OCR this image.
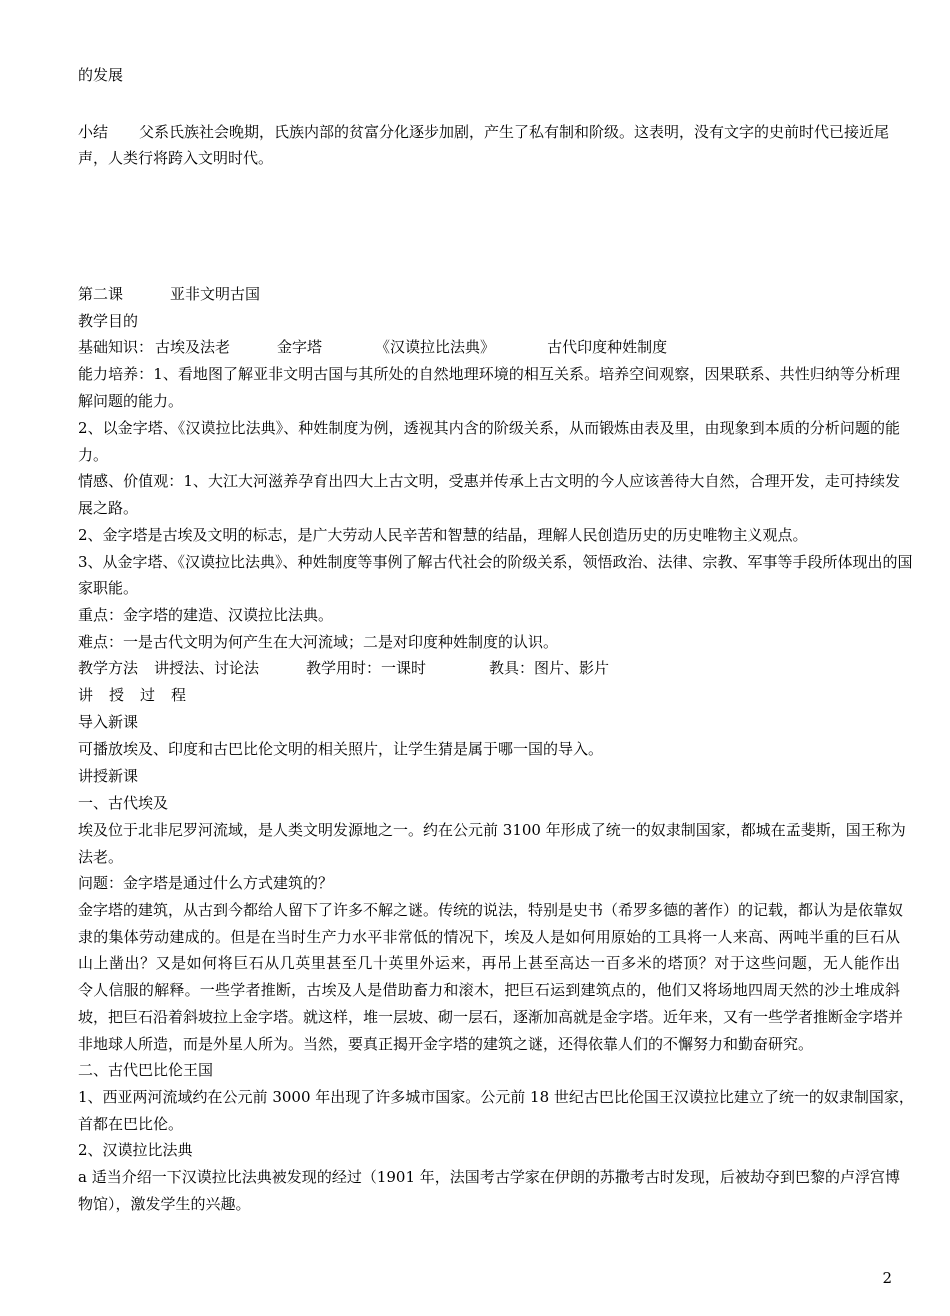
的发展
小结 父系氏族社会晚期，氏族内部的贫富分化逐步加剧，产生了私有制和阶级。这表明，没有文字的史前时代已接近尾
声，人类行将跨入文明时代。
第二课	亚非文明古国
教学目的
基础知识： 古埃及法老	金字塔	《汉谟拉比法典》	古代印度种姓制度
能力培养：1、看地图了解亚非文明古国与其所处的自然地理环境的相互关系。培养空间观察，因果联系、共性归纳等分析理
解问题的能力。
2、以金字塔、《汉谟拉比法典》、种姓制度为例，透视其内含的阶级关系，从而锻炼由表及里，由现象到本质的分析问题的能
力。
情感、价值观：1、大江大河滋养孕育出四大上古文明，受惠并传承上古文明的今人应该善待大自然，合理开发，走可持续发
展之路。
2、金字塔是古埃及文明的标志，是广大劳动人民辛苦和智慧的结晶，理解人民创造历史的历史唯物主义观点。
3、从金字塔、《汉谟拉比法典》、种姓制度等事例了解古代社会的阶级关系，领悟政治、法律、宗教、军事等手段所体现出的国
家职能。
重点：金字塔的建造、汉谟拉比法典。
难点：一是古代文明为何产生在大河流域；二是对印度种姓制度的认识。
教学方法 讲授法、讨论法	教学用时：一课时	教具：图片、影片
讲 授 过 程
导入新课
可播放埃及、印度和古巴比伦文明的相关照片，让学生猜是属于哪一国的导入。
讲授新课
一、古代埃及
埃及位于北非尼罗河流域，是人类文明发源地之一。约在公元前 3100 年形成了统一的奴隶制国家，都城在孟斐斯，国王称为
法老。
问题：金字塔是通过什么方式建筑的？
金字塔的建筑，从古到今都给人留下了许多不解之谜。传统的说法，特别是史书（希罗多德的著作）的记载，都认为是依靠奴
隶的集体劳动建成的。但是在当时生产力水平非常低的情况下，埃及人是如何用原始的工具将一人来高、两吨半重的巨石从
山上凿出？又是如何将巨石从几英里甚至几十英里外运来，再吊上甚至高达一百多米的塔顶？对于这些问题，无人能作出
令人信服的解释。一些学者推断，古埃及人是借助畜力和滚木，把巨石运到建筑点的，他们又将场地四周天然的沙土堆成斜
坡，把巨石沿着斜坡拉上金字塔。就这样，堆一层坡、砌一层石，逐渐加高就是金字塔。近年来，又有一些学者推断金字塔并
非地球人所造，而是外星人所为。当然，要真正揭开金字塔的建筑之谜，还得依靠人们的不懈努力和勤奋研究。
二、古代巴比伦王国
1、西亚两河流域约在公元前 3000 年出现了许多城市国家。公元前 18 世纪古巴比伦国王汉谟拉比建立了统一的奴隶制国家，
首都在巴比伦。
2、汉谟拉比法典
a 适当介绍一下汉谟拉比法典被发现的经过（1901 年，法国考古学家在伊朗的苏撒考古时发现，后被劫夺到巴黎的卢浮宫博
物馆），激发学生的兴趣。
2
